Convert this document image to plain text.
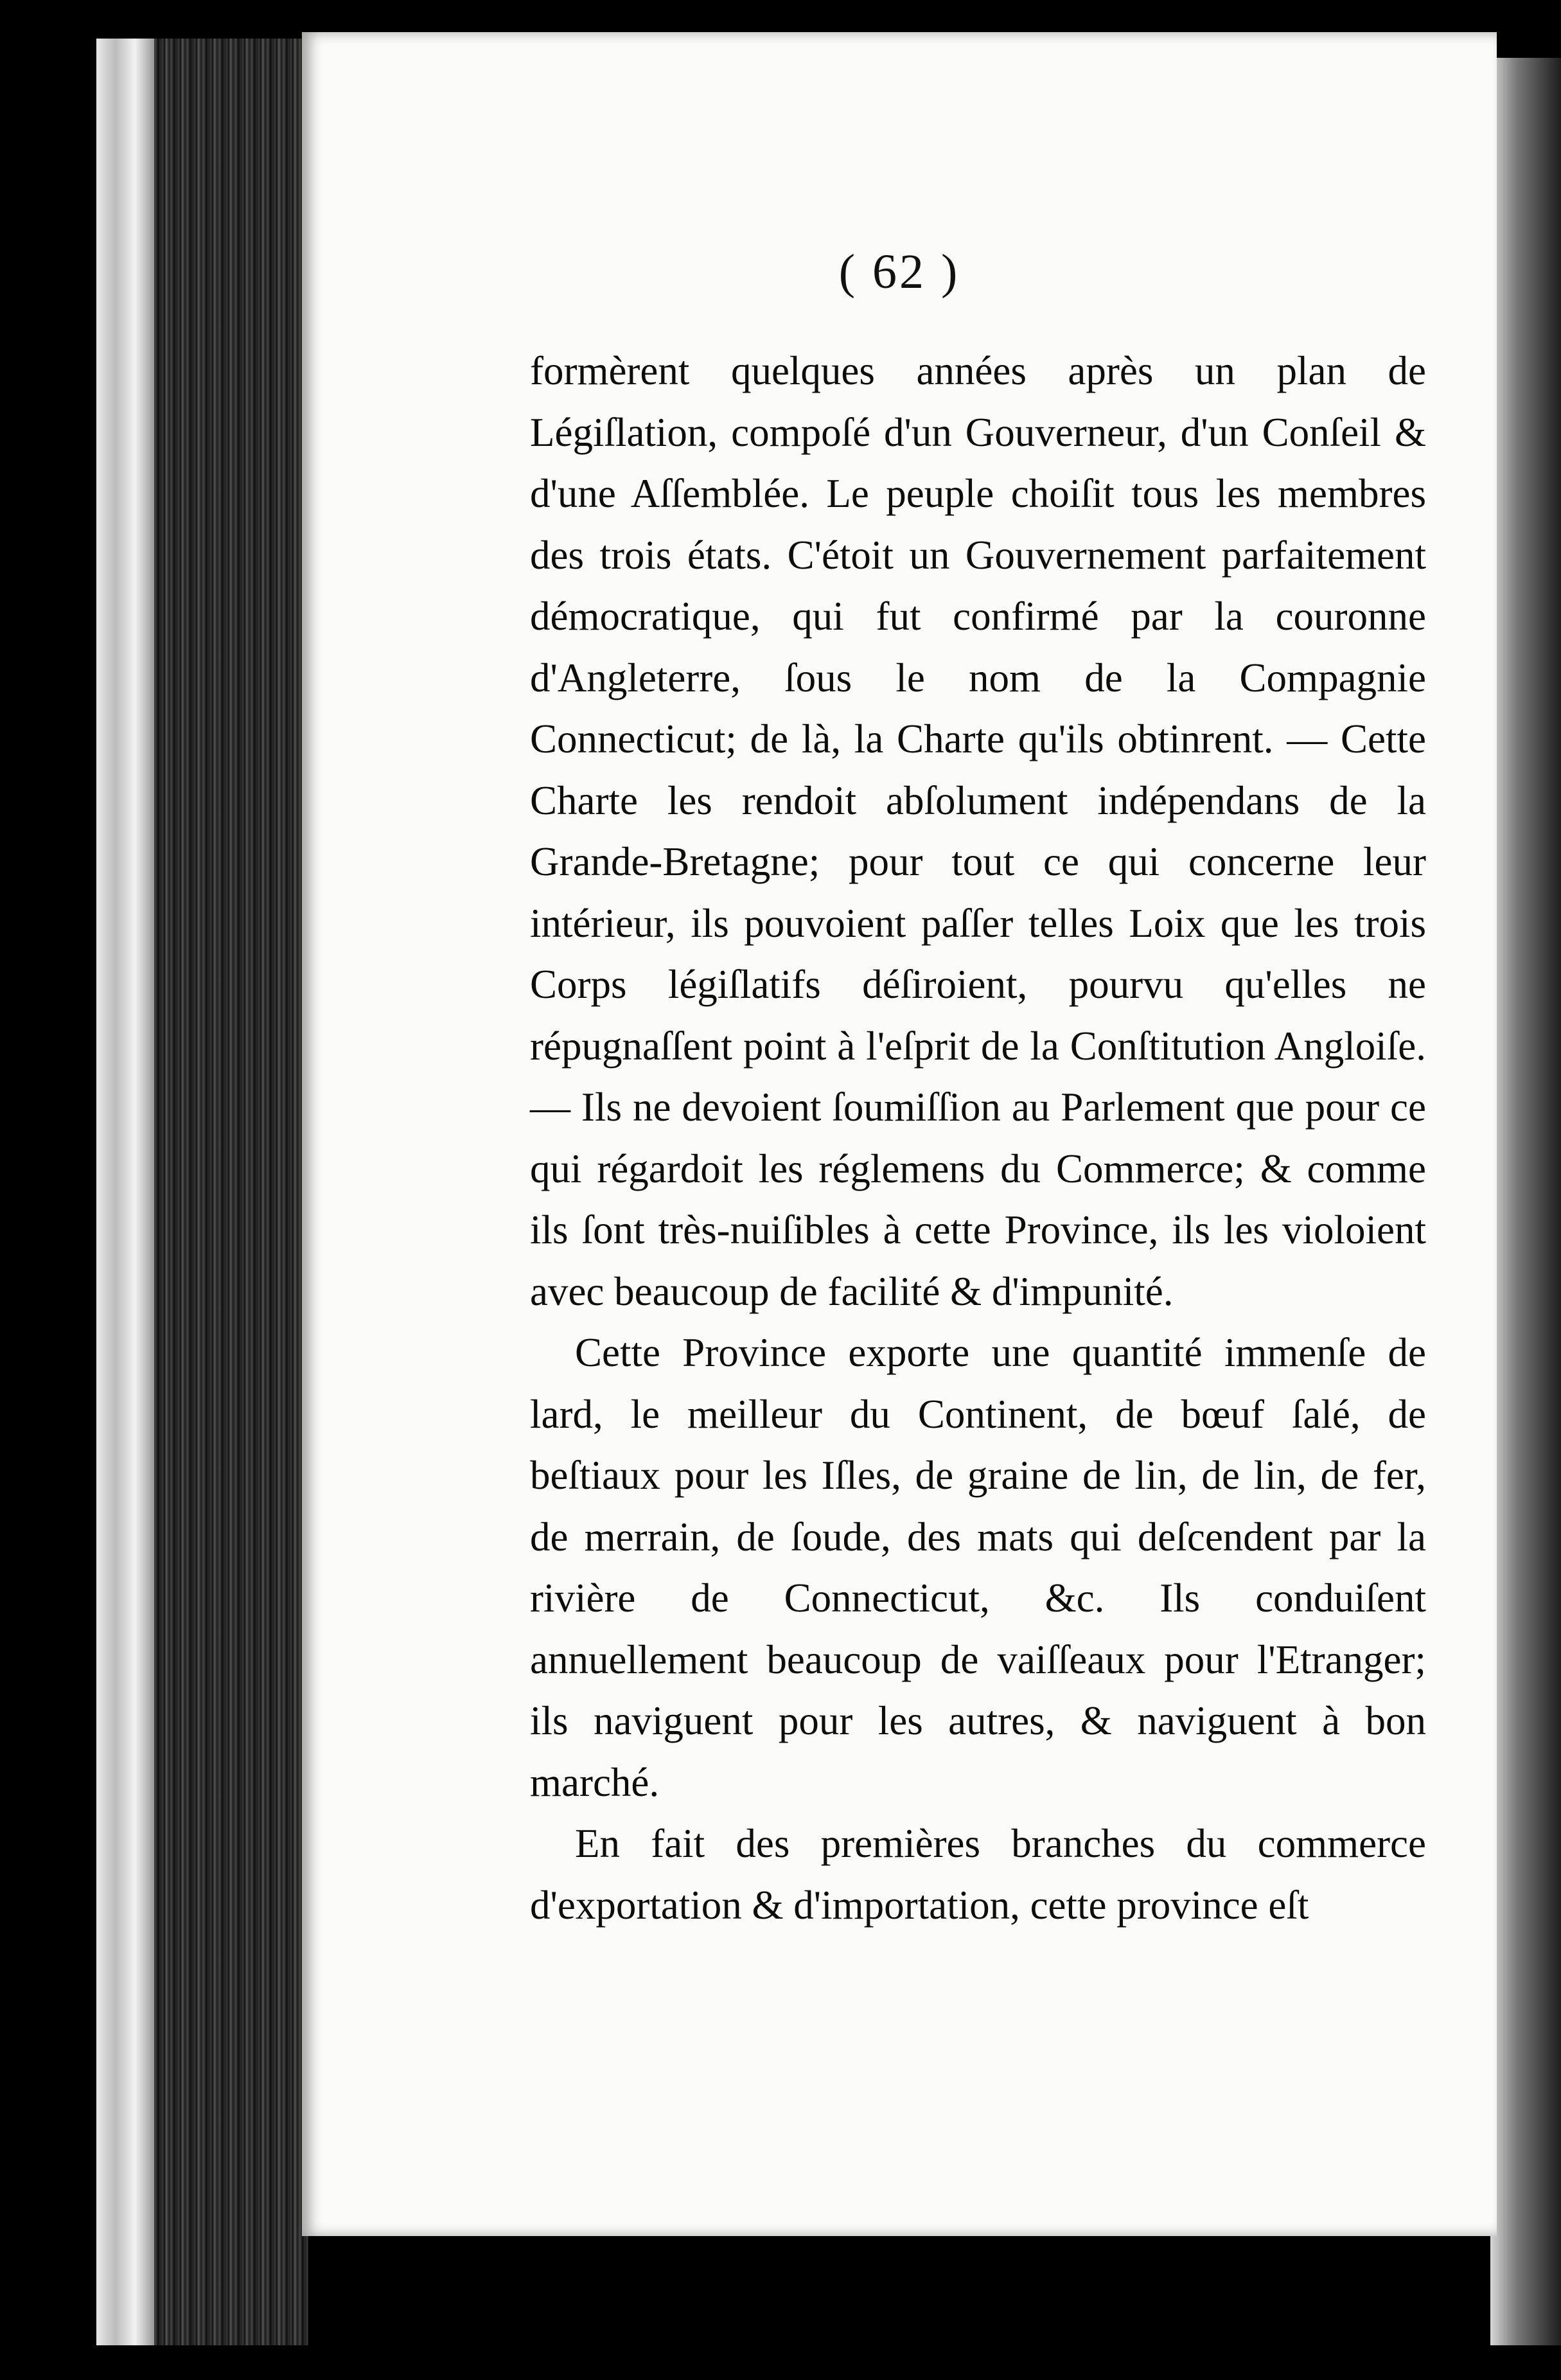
( 62 )

formèrent quelques années après un plan de Légiſlation, compoſé d'un Gouverneur, d'un Conſeil & d'une Aſſemblée. Le peuple choiſit tous les membres des trois états. C'étoit un Gouvernement parfaitement démocratique, qui fut confirmé par la couronne d'Angleterre, ſous le nom de la Compagnie Connecticut; de là, la Charte qu'ils obtinrent. — Cette Charte les rendoit abſolument indépendans de la Grande-Bretagne; pour tout ce qui concerne leur intérieur, ils pouvoient paſſer telles Loix que les trois Corps légiſlatifs déſiroient, pourvu qu'elles ne répugnaſſent point à l'eſprit de la Conſtitution Angloiſe. — Ils ne devoient ſoumiſſion au Parlement que pour ce qui régardoit les réglemens du Commerce; & comme ils ſont très-nuiſibles à cette Province, ils les violoient avec beaucoup de facilité & d'impunité.

Cette Province exporte une quantité immenſe de lard, le meilleur du Continent, de bœuf ſalé, de beſtiaux pour les Iſles, de graine de lin, de lin, de fer, de merrain, de ſoude, des mats qui deſcendent par la rivière de Connecticut, &c. Ils conduiſent annuellement beaucoup de vaiſſeaux pour l'Etranger; ils naviguent pour les autres, & naviguent à bon marché.

En fait des premières branches du commerce d'exportation & d'importation, cette province eſt
